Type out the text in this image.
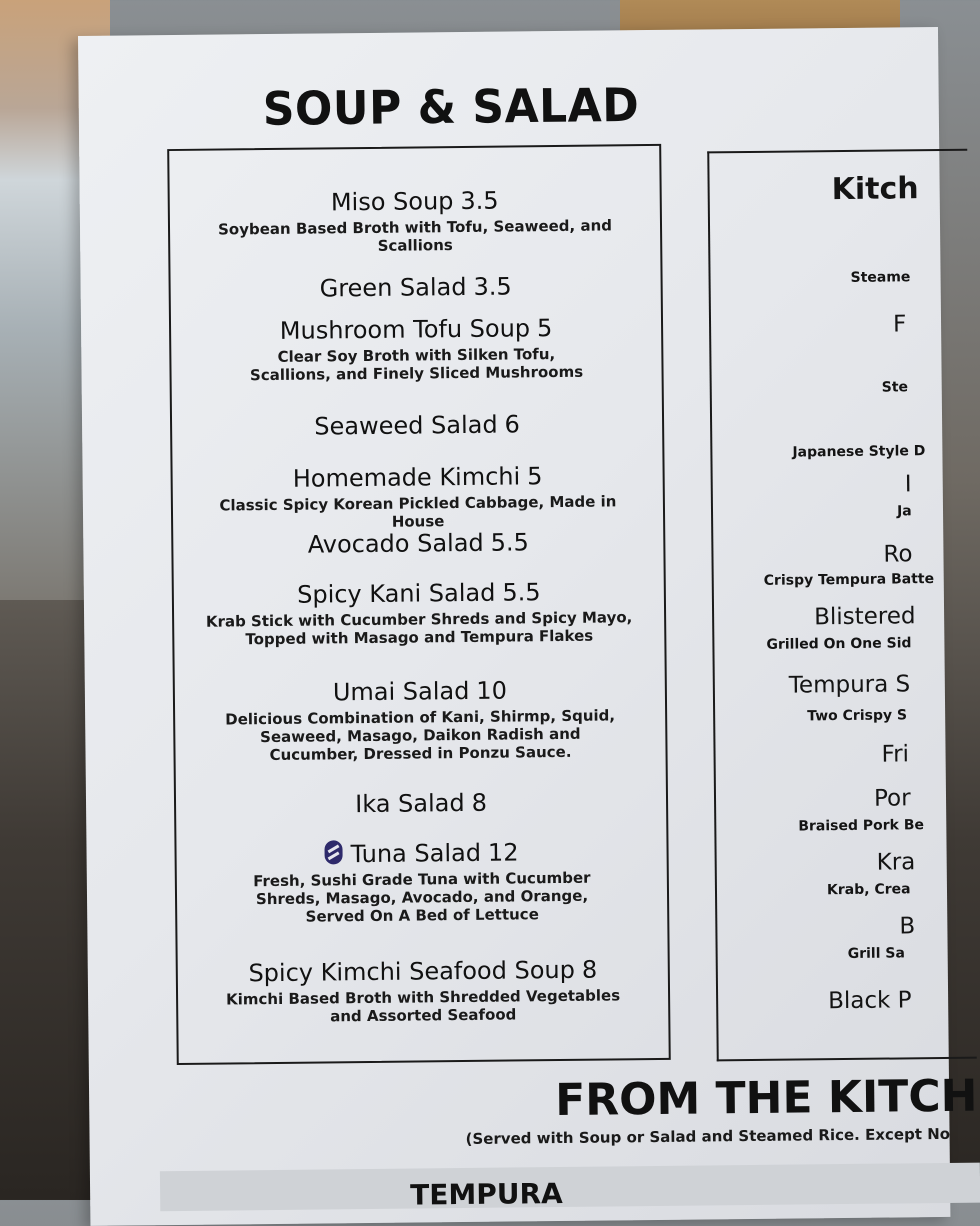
SOUP & SALAD
Miso Soup 3.5
Soybean Based Broth with Tofu, Seaweed, and Scallions
Green Salad 3.5
Mushroom Tofu Soup 5
Clear Soy Broth with Silken Tofu, Scallions, and Finely Sliced Mushrooms
Seaweed Salad 6
Homemade Kimchi 5
Classic Spicy Korean Pickled Cabbage, Made in House
Avocado Salad 5.5
Spicy Kani Salad 5.5
Krab Stick with Cucumber Shreds and Spicy Mayo, Topped with Masago and Tempura Flakes
Umai Salad 10
Delicious Combination of Kani, Shirmp, Squid, Seaweed, Masago, Daikon Radish and Cucumber, Dressed in Ponzu Sauce.
Ika Salad 8
Tuna Salad 12
Fresh, Sushi Grade Tuna with Cucumber Shreds, Masago, Avocado, and Orange, Served On A Bed of Lettuce
Spicy Kimchi Seafood Soup 8
Kimchi Based Broth with Shredded Vegetables and Assorted Seafood
Kitch
Steame
F
Ste
Japanese Style D
I
Ja
Ro
Crispy Tempura Batte
Blistered
Grilled On One Sid
Tempura S
Two Crispy S
Fri
Por
Braised Pork Be
Kra
Krab, Crea
B
Grill Sa
Black P
FROM THE KITCH
(Served with Soup or Salad and Steamed Rice. Except No
TEMPURA
